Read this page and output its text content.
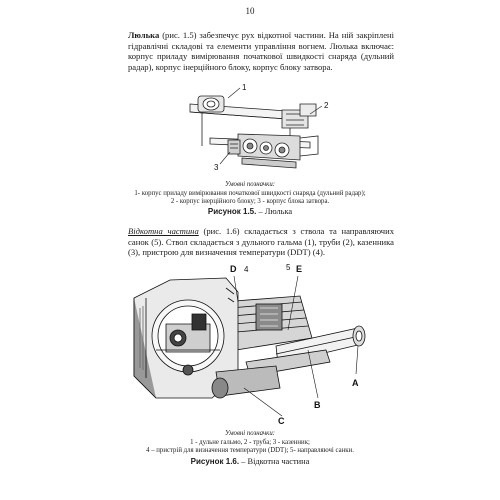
10

Люлька (рис. 1.5) забезпечує рух відкотної частини. На ній закріплені гідравлічні складові та елементи управління вогнем. Люлька включає: корпус приладу вимірювання початкової швидкості снаряда (дульний радар), корпус інерційного блоку, корпус блоку затвора.

1
2
3
Умовні позначки:
1- корпус приладу вимірювання початкової швидкості снаряда (дульний радар);
2 - корпус інерційного блоку; 3 - корпус блока затвора.
Рисунок 1.5. – Люлька

Відкотна частина (рис. 1.6) складається з ствола та направляючих санок (5). Ствол складається з дульного гальма (1), труби (2), казенника (3), пристрою для визначення температури (DDT) (4).

D 4	5 E
A
B
C
Умовні позначки:
1 - дульне гальмо, 2 - труба; 3 - казенник;
4 – пристрій для визначення температури (DDT); 5- направляючі санки.
Рисунок 1.6. – Відкотна частина
